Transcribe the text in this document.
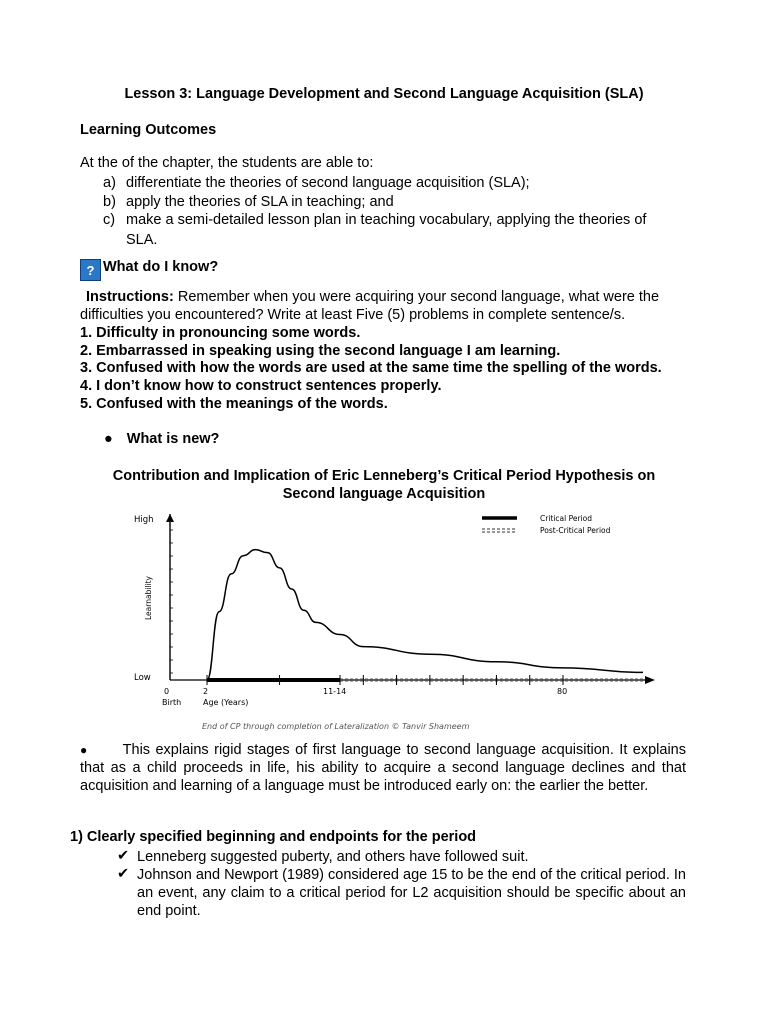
Lesson 3: Language Development and Second Language Acquisition (SLA)
Learning Outcomes
At the of the chapter, the students are able to:
a) differentiate the theories of second language acquisition (SLA);
b) apply the theories of SLA in teaching; and
c) make a semi-detailed lesson plan in teaching vocabulary, applying the theories of
SLA.
? What do I know?
Instructions: Remember when you were acquiring your second language, what were the difficulties you encountered? Write at least Five (5) problems in complete sentence/s.
1. Difficulty in pronouncing some words.
2. Embarrassed in speaking using the second language I am learning.
3. Confused with how the words are used at the same time the spelling of the words.
4. I don’t know how to construct sentences properly.
5. Confused with the meanings of the words.
● What is new?
Contribution and Implication of Eric Lenneberg’s Critical Period Hypothesis on
Second language Acquisition
High
Low
Learnability
0	2	11-14	80
Birth	Age (Years)
Critical Period
Post-Critical Period
End of CP through completion of Lateralization © Tanvir Shameem
● This explains rigid stages of first language to second language acquisition. It explains that as a child proceeds in life, his ability to acquire a second language declines and that acquisition and learning of a language must be introduced early on: the earlier the better.
1) Clearly specified beginning and endpoints for the period
✔ Lenneberg suggested puberty, and others have followed suit.
✔ Johnson and Newport (1989) considered age 15 to be the end of the critical period. In an event, any claim to a critical period for L2 acquisition should be specific about an end point.
